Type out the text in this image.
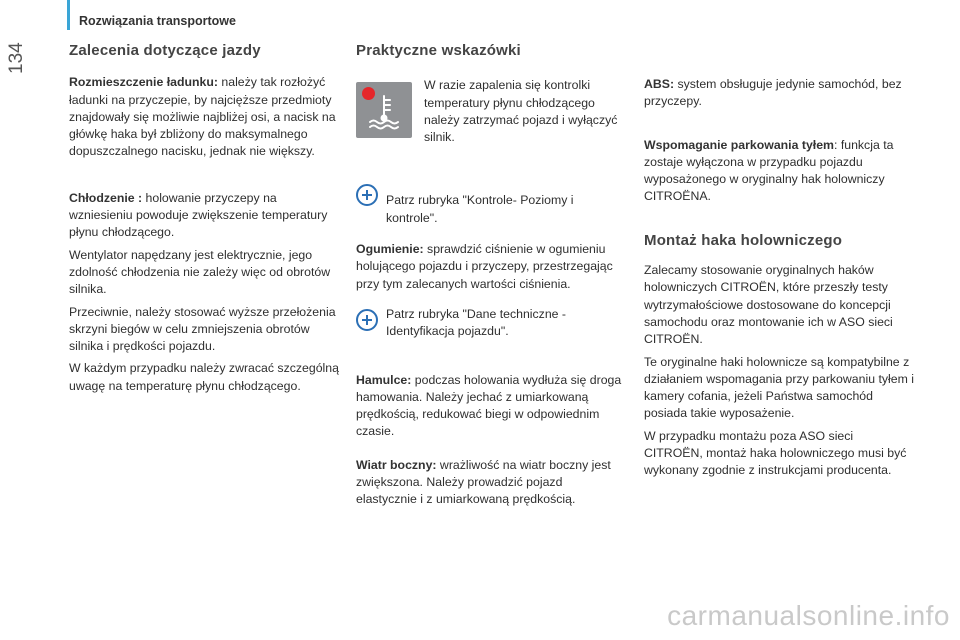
134
Rozwiązania transportowe
Zalecenia dotyczące jazdy

Rozmieszczenie ładunku: należy tak rozłożyć ładunki na przyczepie, by najcięższe przedmioty znajdowały się możliwie najbliżej osi, a nacisk na główkę haka był zbliżony do maksymalnego dopuszczalnego nacisku, jednak nie większy.

Chłodzenie : holowanie przyczepy na wzniesieniu powoduje zwiększenie temperatury płynu chłodzącego.

Wentylator napędzany jest elektrycznie, jego zdolność chłodzenia nie zależy więc od obrotów silnika.

Przeciwnie, należy stosować wyższe przełożenia skrzyni biegów w celu zmniejszenia obrotów silnika i prędkości pojazdu.

W każdym przypadku należy zwracać szczególną uwagę na temperaturę płynu chłodzącego.

Praktyczne wskazówki

W razie zapalenia się kontrolki temperatury płynu chłodzącego należy zatrzymać pojazd i wyłączyć silnik.

Patrz rubryka "Kontrole- Poziomy i kontrole".

Ogumienie: sprawdzić ciśnienie w ogumieniu holującego pojazdu i przyczepy, przestrzegając przy tym zalecanych wartości ciśnienia.

Patrz rubryka "Dane techniczne - Identyfikacja pojazdu".

Hamulce: podczas holowania wydłuża się droga hamowania. Należy jechać z umiarkowaną prędkością, redukować biegi w odpowiednim czasie.

Wiatr boczny: wrażliwość na wiatr boczny jest zwiększona. Należy prowadzić pojazd elastycznie i z umiarkowaną prędkością.

ABS: system obsługuje jedynie samochód, bez przyczepy.

Wspomaganie parkowania tyłem: funkcja ta zostaje wyłączona w przypadku pojazdu wyposażonego w oryginalny hak holowniczy CITROËNA.

Montaż haka holowniczego

Zalecamy stosowanie oryginalnych haków holowniczych CITROËN, które przeszły testy wytrzymałościowe dostosowane do koncepcji samochodu oraz montowanie ich w ASO sieci CITROËN.

Te oryginalne haki holownicze są kompatybilne z działaniem wspomagania przy parkowaniu tyłem i kamery cofania, jeżeli Państwa samochód posiada takie wyposażenie.

W przypadku montażu poza ASO sieci CITROËN, montaż haka holowniczego musi być wykonany zgodnie z instrukcjami producenta.

carmanualsonline.info
